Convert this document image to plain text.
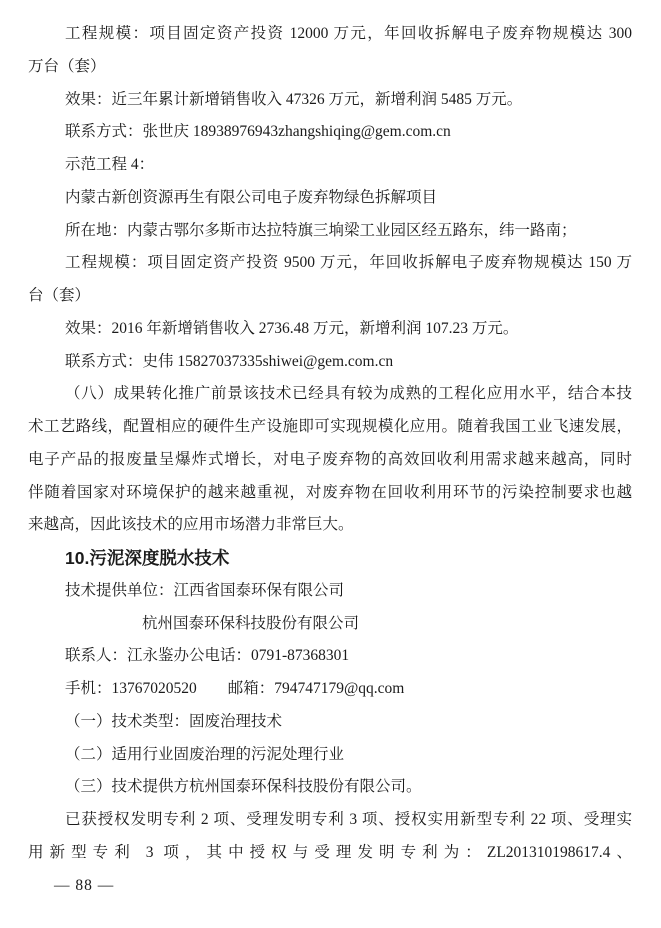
工程规模：项目固定资产投资 12000 万元，年回收拆解电子废弃物规模达 300
万台（套）
效果：近三年累计新增销售收入 47326 万元，新增利润 5485 万元。
联系方式：张世庆 18938976943zhangshiqing@gem.com.cn
示范工程 4：
内蒙古新创资源再生有限公司电子废弃物绿色拆解项目
所在地：内蒙古鄂尔多斯市达拉特旗三垧梁工业园区经五路东，纬一路南；
工程规模：项目固定资产投资 9500 万元，年回收拆解电子废弃物规模达 150 万
台（套）
效果：2016 年新增销售收入 2736.48 万元，新增利润 107.23 万元。
联系方式：史伟 15827037335shiwei@gem.com.cn
（八）成果转化推广前景该技术已经具有较为成熟的工程化应用水平，结合本技
术工艺路线，配置相应的硬件生产设施即可实现规模化应用。随着我国工业飞速发展，
电子产品的报废量呈爆炸式增长，对电子废弃物的高效回收利用需求越来越高，同时
伴随着国家对环境保护的越来越重视，对废弃物在回收利用环节的污染控制要求也越
来越高，因此该技术的应用市场潜力非常巨大。
10.污泥深度脱水技术
技术提供单位：江西省国泰环保有限公司
杭州国泰环保科技股份有限公司
联系人：江永鉴办公电话：0791-87368301
手机：13767020520　　邮箱：794747179@qq.com
（一）技术类型：固废治理技术
（二）适用行业固废治理的污泥处理行业
（三）技术提供方杭州国泰环保科技股份有限公司。
已获授权发明专利 2 项、受理发明专利 3 项、授权实用新型专利 22 项、受理实
用新型专利 3 项，其中授权与受理发明专利为：ZL201310198617.4、
— 88 —
